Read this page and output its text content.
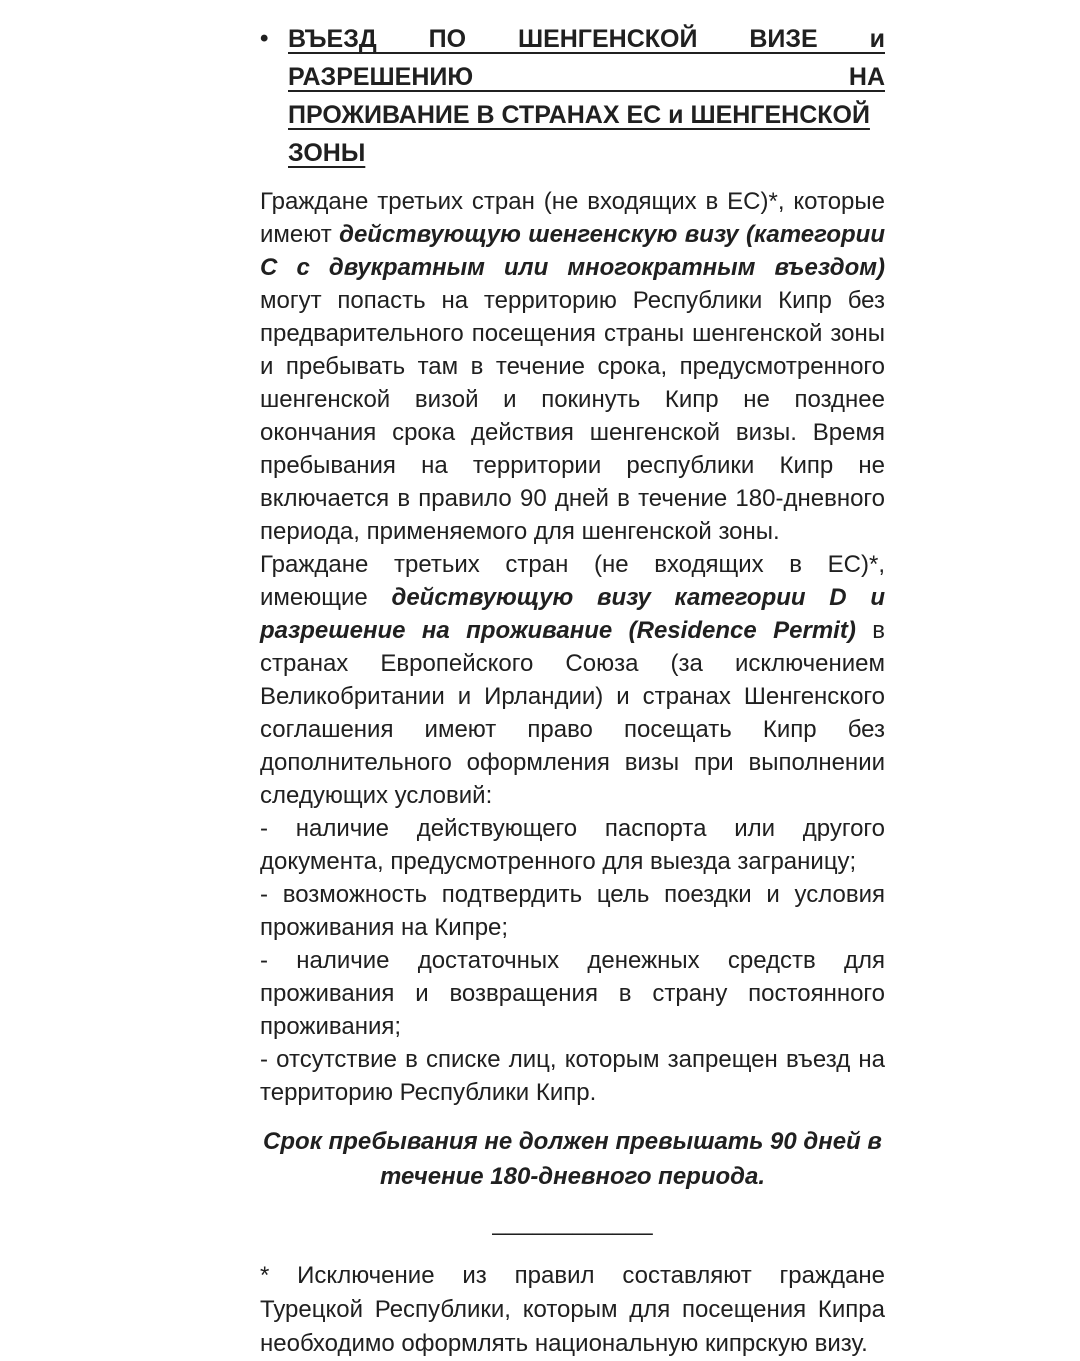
• ВЪЕЗД ПО ШЕНГЕНСКОЙ ВИЗЕ и РАЗРЕШЕНИЮ НА
ПРОЖИВАНИЕ В СТРАНАХ ЕС и ШЕНГЕНСКОЙ ЗОНЫ

Граждане третьих стран (не входящих в ЕС)*, которые имеют действующую шенгенскую визу (категории С с двукратным или многократным въездом) могут попасть на территорию Республики Кипр без предварительного посещения страны шенгенской зоны и пребывать там в течение срока, предусмотренного шенгенской визой и покинуть Кипр не позднее окончания срока действия шенгенской визы. Время пребывания на территории республики Кипр не включается в правило 90 дней в течение 180-дневного периода, применяемого для шенгенской зоны.

Граждане третьих стран (не входящих в ЕС)*, имеющие действующую визу категории D и разрешение на проживание (Residence Permit) в странах Европейского Союза (за исключением Великобритании и Ирландии) и странах Шенгенского соглашения имеют право посещать Кипр без дополнительного оформления визы при выполнении следующих условий:

- наличие действующего паспорта или другого документа, предусмотренного для выезда заграницу;

- возможность подтвердить цель поездки и условия проживания на Кипре;

- наличие достаточных денежных средств для проживания и возвращения в страну постоянного проживания;

- отсутствие в списке лиц, которым запрещен въезд на территорию Республики Кипр.

Срок пребывания не должен превышать 90 дней в течение 180-дневного периода.

____________

* Исключение из правил составляют граждане Турецкой Республики, которым для посещения Кипра необходимо оформлять национальную кипрскую визу.
